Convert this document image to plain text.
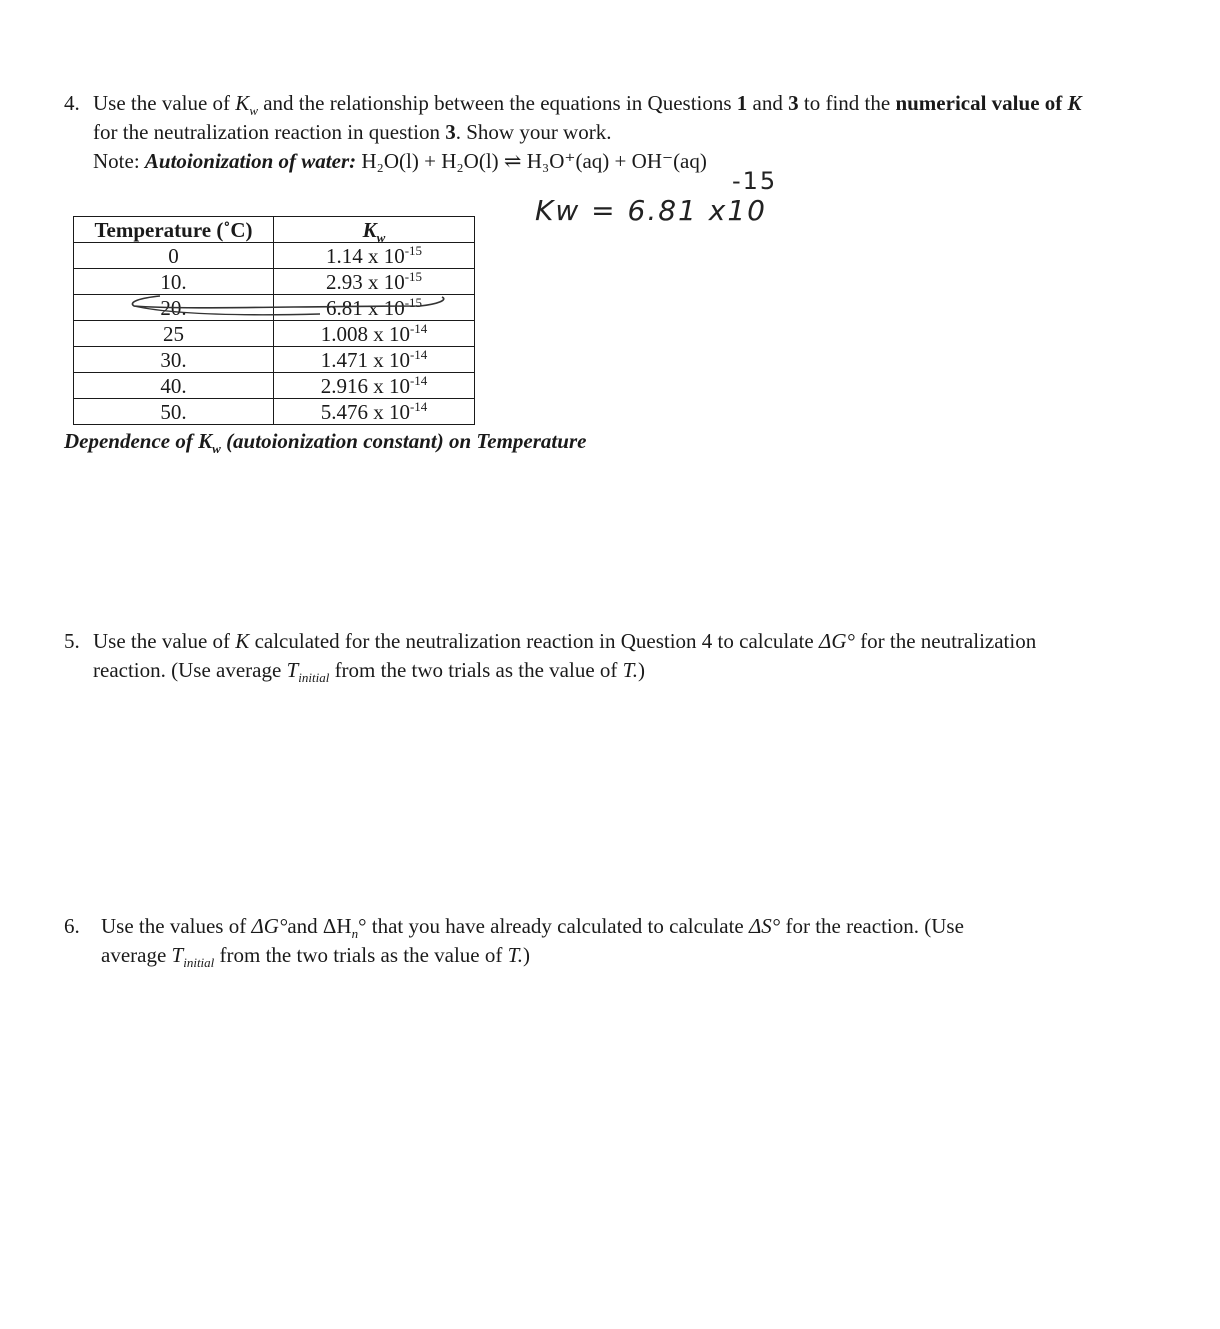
4. Use the value of $K_w$ and the relationship between the equations in Questions 1 and 3 to find the numerical value of K
for the neutralization reaction in question 3. Show your work.
Note: Autoionization of water: H₂O(l) + H₂O(l) ⇌ H₃O⁺(aq) + OH⁻(aq)
Kw = 6.81 x10
-15
Temperature (˚C)	$K_w$
0	1.14 x $10^{-15}$
10.	2.93 x $10^{-15}$
20.	6.81 x $10^{-15}$
25	1.008 x $10^{-14}$
30.	1.471 x $10^{-14}$
40.	2.916 x $10^{-14}$
50.	5.476 x $10^{-14}$
Dependence of $K_w$ (autoionization constant) on Temperature
5. Use the value of K calculated for the neutralization reaction in Question 4 to calculate ΔG° for the neutralization
reaction. (Use average $T_{initial}$ from the two trials as the value of T.)
6. Use the values of ΔG°and $\Delta H_n^\circ$ that you have already calculated to calculate ΔS° for the reaction. (Use
average $T_{initial}$ from the two trials as the value of T.)
